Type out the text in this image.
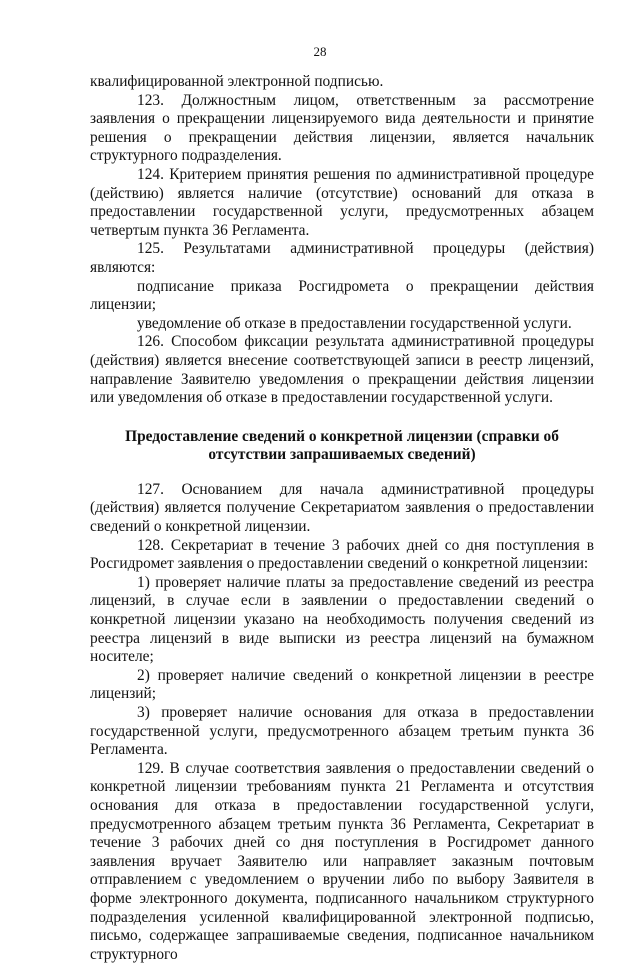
28

квалифицированной электронной подписью.

123. Должностным лицом, ответственным за рассмотрение заявления о прекращении лицензируемого вида деятельности и принятие решения о прекращении действия лицензии, является начальник структурного подразделения.

124. Критерием принятия решения по административной процедуре (действию) является наличие (отсутствие) оснований для отказа в предоставлении государственной услуги, предусмотренных абзацем четвертым пункта 36 Регламента.

125. Результатами административной процедуры (действия) являются:

подписание приказа Росгидромета о прекращении действия лицензии;

уведомление об отказе в предоставлении государственной услуги.

126. Способом фиксации результата административной процедуры (действия) является внесение соответствующей записи в реестр лицензий, направление Заявителю уведомления о прекращении действия лицензии или уведомления об отказе в предоставлении государственной услуги.

Предоставление сведений о конкретной лицензии (справки об отсутствии запрашиваемых сведений)

127. Основанием для начала административной процедуры (действия) является получение Секретариатом заявления о предоставлении сведений о конкретной лицензии.

128. Секретариат в течение 3 рабочих дней со дня поступления в Росгидромет заявления о предоставлении сведений о конкретной лицензии:

1) проверяет наличие платы за предоставление сведений из реестра лицензий, в случае если в заявлении о предоставлении сведений о конкретной лицензии указано на необходимость получения сведений из реестра лицензий в виде выписки из реестра лицензий на бумажном носителе;

2) проверяет наличие сведений о конкретной лицензии в реестре лицензий;

3) проверяет наличие основания для отказа в предоставлении государственной услуги, предусмотренного абзацем третьим пункта 36 Регламента.

129. В случае соответствия заявления о предоставлении сведений о конкретной лицензии требованиям пункта 21 Регламента и отсутствия основания для отказа в предоставлении государственной услуги, предусмотренного абзацем третьим пункта 36 Регламента, Секретариат в течение 3 рабочих дней со дня поступления в Росгидромет данного заявления вручает Заявителю или направляет заказным почтовым отправлением с уведомлением о вручении либо по выбору Заявителя в форме электронного документа, подписанного начальником структурного подразделения усиленной квалифицированной электронной подписью, письмо, содержащее запрашиваемые сведения, подписанное начальником структурного
